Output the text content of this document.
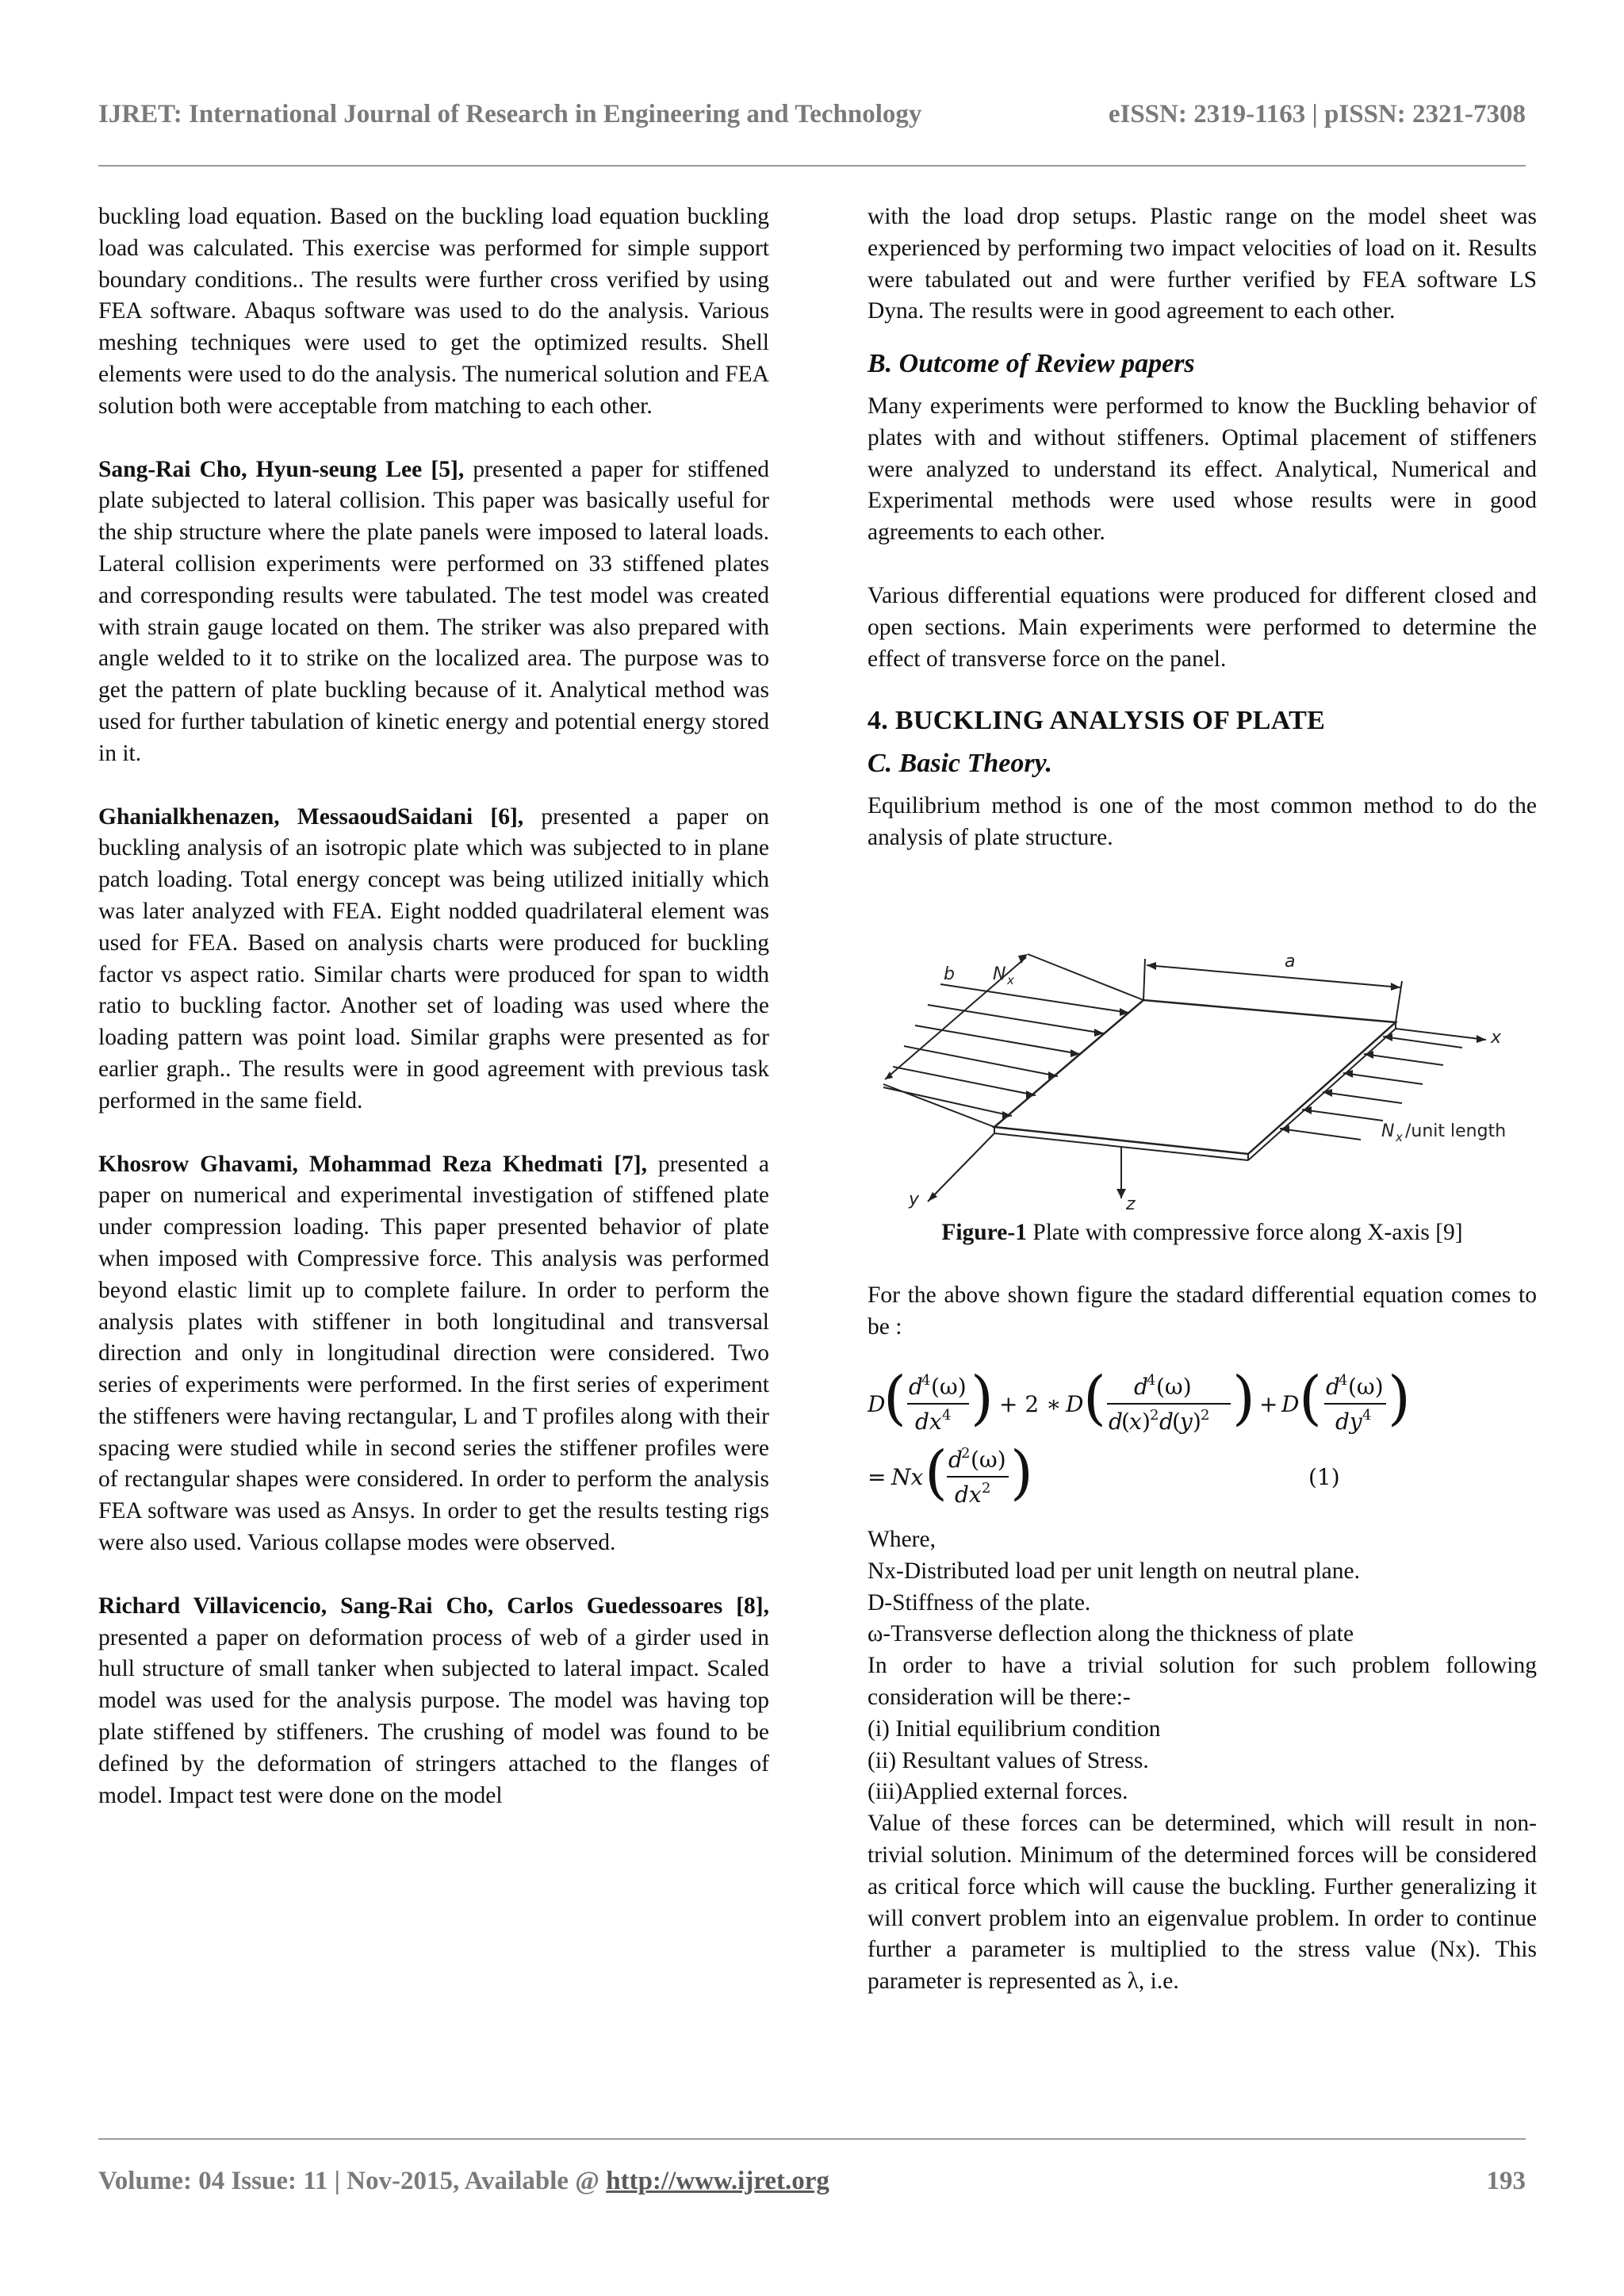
IJRET: International Journal of Research in Engineering and Technology	eISSN: 2319-1163 | pISSN: 2321-7308

buckling load equation. Based on the buckling load equation buckling load was calculated. This exercise was performed for simple support boundary conditions.. The results were further cross verified by using FEA software. Abaqus software was used to do the analysis. Various meshing techniques were used to get the optimized results. Shell elements were used to do the analysis. The numerical solution and FEA solution both were acceptable from matching to each other.

Sang-Rai Cho, Hyun-seung Lee [5], presented a paper for stiffened plate subjected to lateral collision. This paper was basically useful for the ship structure where the plate panels were imposed to lateral loads. Lateral collision experiments were performed on 33 stiffened plates and corresponding results were tabulated. The test model was created with strain gauge located on them. The striker was also prepared with angle welded to it to strike on the localized area. The purpose was to get the pattern of plate buckling because of it. Analytical method was used for further tabulation of kinetic energy and potential energy stored in it.

Ghanialkhenazen, MessaoudSaidani [6], presented a paper on buckling analysis of an isotropic plate which was subjected to in plane patch loading. Total energy concept was being utilized initially which was later analyzed with FEA. Eight nodded quadrilateral element was used for FEA. Based on analysis charts were produced for buckling factor vs aspect ratio. Similar charts were produced for span to width ratio to buckling factor. Another set of loading was used where the loading pattern was point load. Similar graphs were presented as for earlier graph.. The results were in good agreement with previous task performed in the same field.

Khosrow Ghavami, Mohammad Reza Khedmati [7], presented a paper on numerical and experimental investigation of stiffened plate under compression loading. This paper presented behavior of plate when imposed with Compressive force. This analysis was performed beyond elastic limit up to complete failure. In order to perform the analysis plates with stiffener in both longitudinal and transversal direction and only in longitudinal direction were considered. Two series of experiments were performed. In the first series of experiment the stiffeners were having rectangular, L and T profiles along with their spacing were studied while in second series the stiffener profiles were of rectangular shapes were considered. In order to perform the analysis FEA software was used as Ansys. In order to get the results testing rigs were also used. Various collapse modes were observed.

Richard Villavicencio, Sang-Rai Cho, Carlos Guedessoares [8], presented a paper on deformation process of web of a girder used in hull structure of small tanker when subjected to lateral impact. Scaled model was used for the analysis purpose. The model was having top plate stiffened by stiffeners. The crushing of model was found to be defined by the deformation of stringers attached to the flanges of model. Impact test were done on the model

with the load drop setups. Plastic range on the model sheet was experienced by performing two impact velocities of load on it. Results were tabulated out and were further verified by FEA software LS Dyna. The results were in good agreement to each other.

B. Outcome of Review papers

Many experiments were performed to know the Buckling behavior of plates with and without stiffeners. Optimal placement of stiffeners were analyzed to understand its effect. Analytical, Numerical and Experimental methods were used whose results were in good agreements to each other.

Various differential equations were produced for different closed and open sections. Main experiments were performed to determine the effect of transverse force on the panel.

4. BUCKLING ANALYSIS OF PLATE

C. Basic Theory.

Equilibrium method is one of the most common method to do the analysis of plate structure.

b N x
a
x
y	z
N x /unit length

Figure-1 Plate with compressive force along X-axis [9]

For the above shown figure the stadard differential equation comes to be :

D
( d
4 (ω)
dx 4 ) + 2 ∗ D ( d
4 (ω)
d
( x ) 2 d
( y ) 2 ) + D ( d
4 (ω)
dy 4 )
= Nx ( d
2 (ω)
dx 2 )	(1)

Where,

Nx-Distributed load per unit length on neutral plane.

D-Stiffness of the plate.

ω-Transverse deflection along the thickness of plate

In order to have a trivial solution for such problem following consideration will be there:-

(i) Initial equilibrium condition

(ii) Resultant values of Stress.

(iii)Applied external forces.

Value of these forces can be determined, which will result in non-trivial solution. Minimum of the determined forces will be considered as critical force which will cause the buckling. Further generalizing it will convert problem into an eigenvalue problem. In order to continue further a parameter is multiplied to the stress value (Nx). This parameter is represented as λ, i.e.

Volume: 04 Issue: 11 | Nov-2015, Available @ http://www.ijret.org	193
